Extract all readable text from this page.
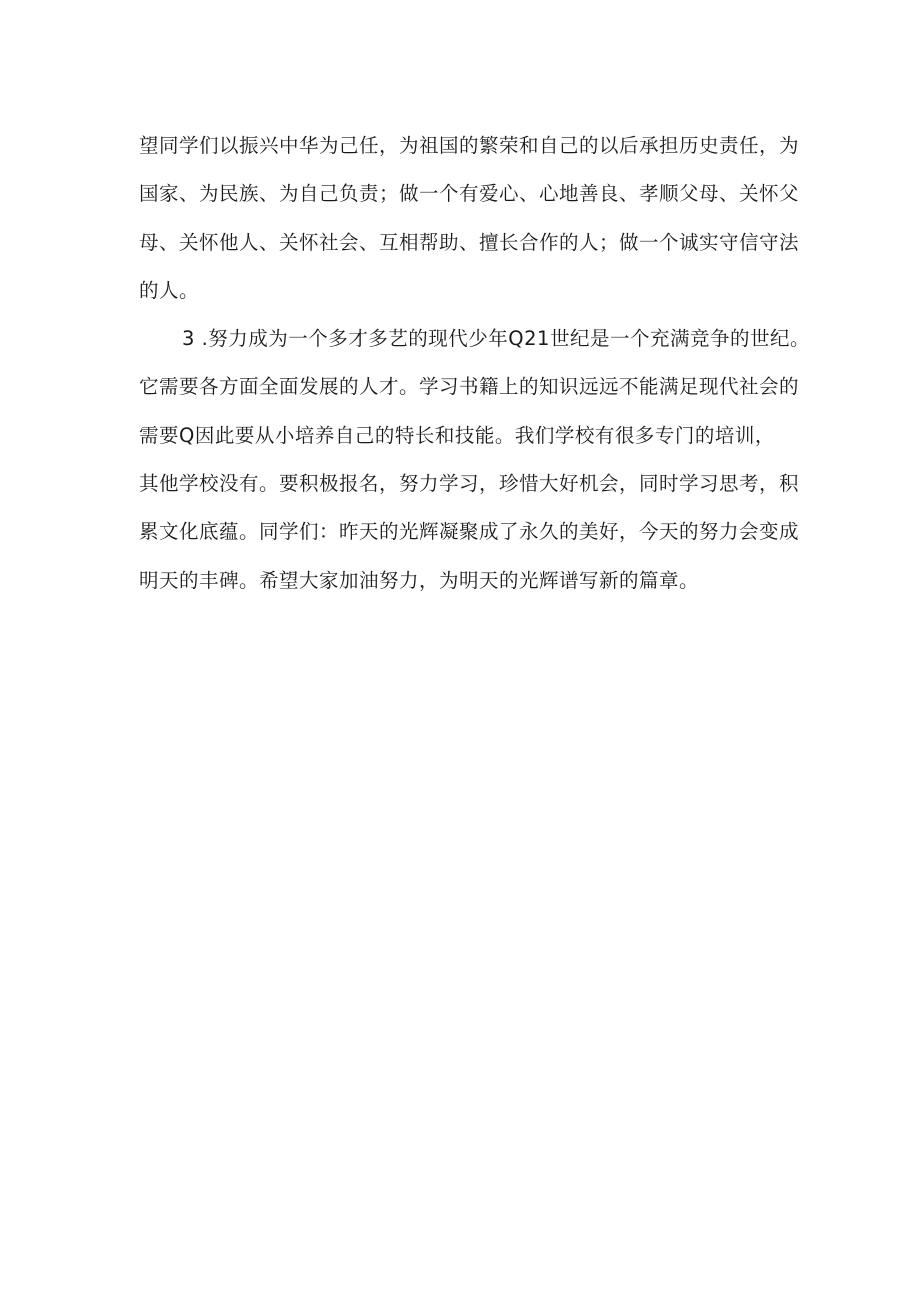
望同学们以振兴中华为己任，为祖国的繁荣和自己的以后承担历史责任，为
国家、为民族、为自己负责；做一个有爱心、心地善良、孝顺父母、关怀父
母、关怀他人、关怀社会、互相帮助、擅长合作的人；做一个诚实守信守法
的人。
3 .努力成为一个多才多艺的现代少年Q21世纪是一个充满竞争的世纪。
它需要各方面全面发展的人才。学习书籍上的知识远远不能满足现代社会的
需要Q因此要从小培养自己的特长和技能。我们学校有很多专门的培训，
其他学校没有。要积极报名，努力学习，珍惜大好机会，同时学习思考，积
累文化底蕴。同学们：昨天的光辉凝聚成了永久的美好，今天的努力会变成
明天的丰碑。希望大家加油努力，为明天的光辉谱写新的篇章。
